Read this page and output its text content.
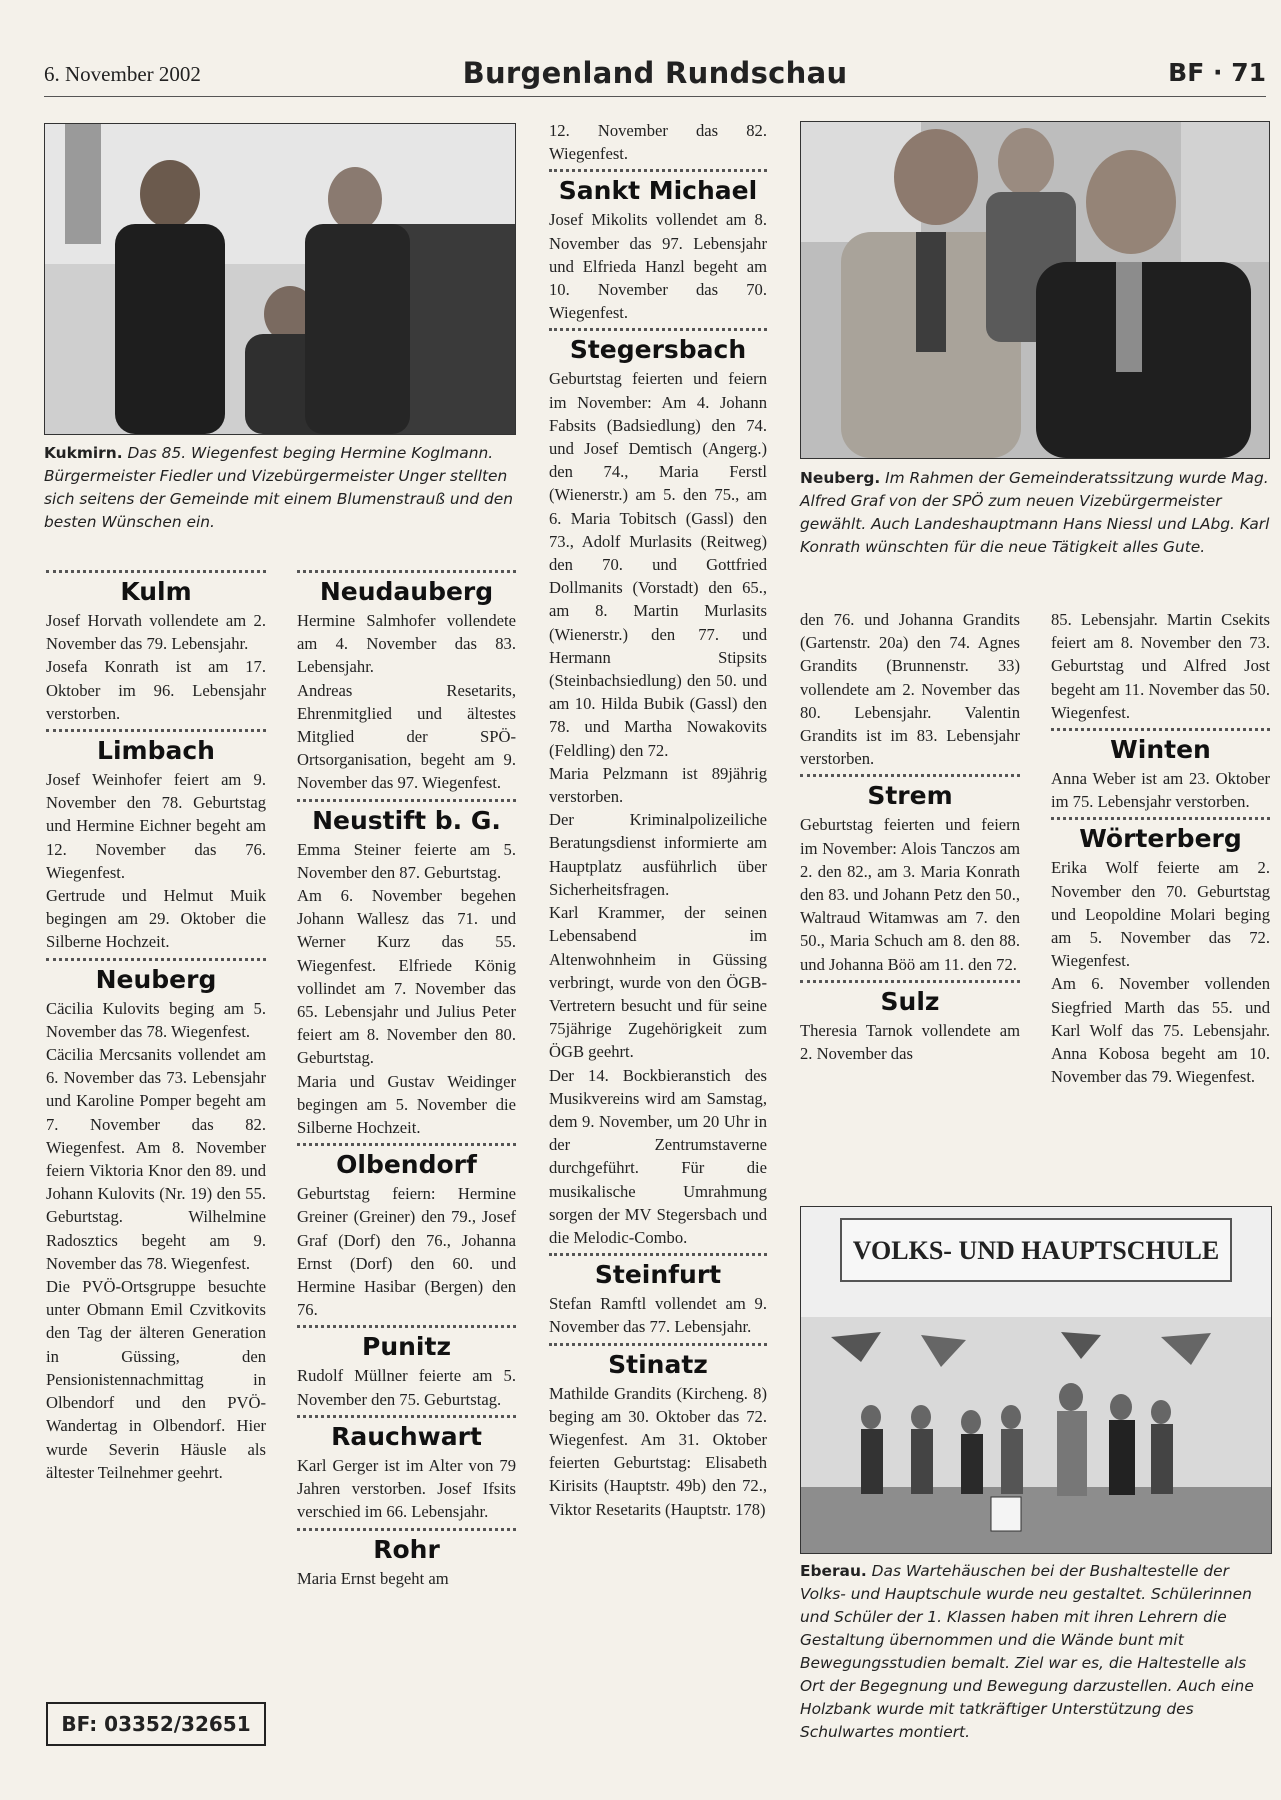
6. November 2002	Burgenland Rundschau	BF · 71
Kukmirn. Das 85. Wiegenfest beging Hermine Koglmann. Bürgermeister Fiedler und Vizebürgermeister Unger stellten sich seitens der Gemeinde mit einem Blumenstrauß und den besten Wünschen ein.
Neuberg. Im Rahmen der Gemeinderatssitzung wurde Mag. Alfred Graf von der SPÖ zum neuen Vizebürgermeister gewählt. Auch Landeshauptmann Hans Niessl und LAbg. Karl Konrath wünschten für die neue Tätigkeit alles Gute.
VOLKS- UND HAUPTSCHULE
Eberau. Das Wartehäuschen bei der Bushaltestelle der Volks- und Hauptschule wurde neu gestaltet. Schülerinnen und Schüler der 1. Klassen haben mit ihren Lehrern die Gestaltung übernommen und die Wände bunt mit Bewegungsstudien bemalt. Ziel war es, die Haltestelle als Ort der Begegnung und Bewegung darzustellen. Auch eine Holzbank wurde mit tatkräftiger Unterstützung des Schulwartes montiert.
BF: 03352/32651
Kulm

Josef Horvath vollendete am 2. November das 79. Lebensjahr.

Josefa Konrath ist am 17. Oktober im 96. Lebensjahr verstorben.

Limbach

Josef Weinhofer feiert am 9. November den 78. Geburtstag und Hermine Eichner begeht am 12. November das 76. Wiegenfest.

Gertrude und Helmut Muik begingen am 29. Oktober die Silberne Hochzeit.

Neuberg

Cäcilia Kulovits beging am 5. November das 78. Wiegenfest.

Cäcilia Mercsanits vollendet am 6. November das 73. Lebensjahr und Karoline Pomper begeht am 7. November das 82. Wiegenfest. Am 8. November feiern Viktoria Knor den 89. und Johann Kulovits (Nr. 19) den 55. Geburtstag. Wilhelmine Radosztics begeht am 9. November das 78. Wiegenfest.

Die PVÖ-Ortsgruppe besuchte unter Obmann Emil Czvitkovits den Tag der älteren Generation in Güssing, den Pensionistennachmittag in Olbendorf und den PVÖ-Wandertag in Olbendorf. Hier wurde Severin Häusle als ältester Teilnehmer geehrt.

Neudauberg

Hermine Salmhofer vollendete am 4. November das 83. Lebensjahr.

Andreas Resetarits, Ehrenmitglied und ältestes Mitglied der SPÖ-Ortsorganisation, begeht am 9. November das 97. Wiegenfest.

Neustift b. G.

Emma Steiner feierte am 5. November den 87. Geburtstag.

Am 6. November begehen Johann Wallesz das 71. und Werner Kurz das 55. Wiegenfest. Elfriede König vollindet am 7. November das 65. Lebensjahr und Julius Peter feiert am 8. November den 80. Geburtstag.

Maria und Gustav Weidinger begingen am 5. November die Silberne Hochzeit.

Olbendorf

Geburtstag feiern: Hermine Greiner (Greiner) den 79., Josef Graf (Dorf) den 76., Johanna Ernst (Dorf) den 60. und Hermine Hasibar (Bergen) den 76.

Punitz

Rudolf Müllner feierte am 5. November den 75. Geburtstag.

Rauchwart

Karl Gerger ist im Alter von 79 Jahren verstorben. Josef Ifsits verschied im 66. Lebensjahr.

Rohr

Maria Ernst begeht am

12. November das 82. Wiegenfest.

Sankt Michael

Josef Mikolits vollendet am 8. November das 97. Lebensjahr und Elfrieda Hanzl begeht am 10. November das 70. Wiegenfest.

Stegersbach

Geburtstag feierten und feiern im November: Am 4. Johann Fabsits (Badsiedlung) den 74. und Josef Demtisch (Angerg.) den 74., Maria Ferstl (Wienerstr.) am 5. den 75., am 6. Maria Tobitsch (Gassl) den 73., Adolf Murlasits (Reitweg) den 70. und Gottfried Dollmanits (Vorstadt) den 65., am 8. Martin Murlasits (Wienerstr.) den 77. und Hermann Stipsits (Steinbachsiedlung) den 50. und am 10. Hilda Bubik (Gassl) den 78. und Martha Nowakovits (Feldling) den 72.

Maria Pelzmann ist 89jährig verstorben.

Der Kriminalpolizeiliche Beratungsdienst informierte am Hauptplatz ausführlich über Sicherheitsfragen.

Karl Krammer, der seinen Lebensabend im Altenwohnheim in Güssing verbringt, wurde von den ÖGB-Vertretern besucht und für seine 75jährige Zugehörigkeit zum ÖGB geehrt.

Der 14. Bockbieranstich des Musikvereins wird am Samstag, dem 9. November, um 20 Uhr in der Zentrumstaverne durchgeführt. Für die musikalische Umrahmung sorgen der MV Stegersbach und die Melodic-Combo.

Steinfurt

Stefan Ramftl vollendet am 9. November das 77. Lebensjahr.

Stinatz

Mathilde Grandits (Kircheng. 8) beging am 30. Oktober das 72. Wiegenfest. Am 31. Oktober feierten Geburtstag: Elisabeth Kirisits (Hauptstr. 49b) den 72., Viktor Resetarits (Hauptstr. 178)

den 76. und Johanna Grandits (Gartenstr. 20a) den 74. Agnes Grandits (Brunnenstr. 33) vollendete am 2. November das 80. Lebensjahr. Valentin Grandits ist im 83. Lebensjahr verstorben.

Strem

Geburtstag feierten und feiern im November: Alois Tanczos am 2. den 82., am 3. Maria Konrath den 83. und Johann Petz den 50., Waltraud Witamwas am 7. den 50., Maria Schuch am 8. den 88. und Johanna Böö am 11. den 72.

Sulz

Theresia Tarnok vollendete am 2. November das

85. Lebensjahr. Martin Csekits feiert am 8. November den 73. Geburtstag und Alfred Jost begeht am 11. November das 50. Wiegenfest.

Winten

Anna Weber ist am 23. Oktober im 75. Lebensjahr verstorben.

Wörterberg

Erika Wolf feierte am 2. November den 70. Geburtstag und Leopoldine Molari beging am 5. November das 72. Wiegenfest.

Am 6. November vollenden Siegfried Marth das 55. und Karl Wolf das 75. Lebensjahr. Anna Kobosa begeht am 10. November das 79. Wiegenfest.
